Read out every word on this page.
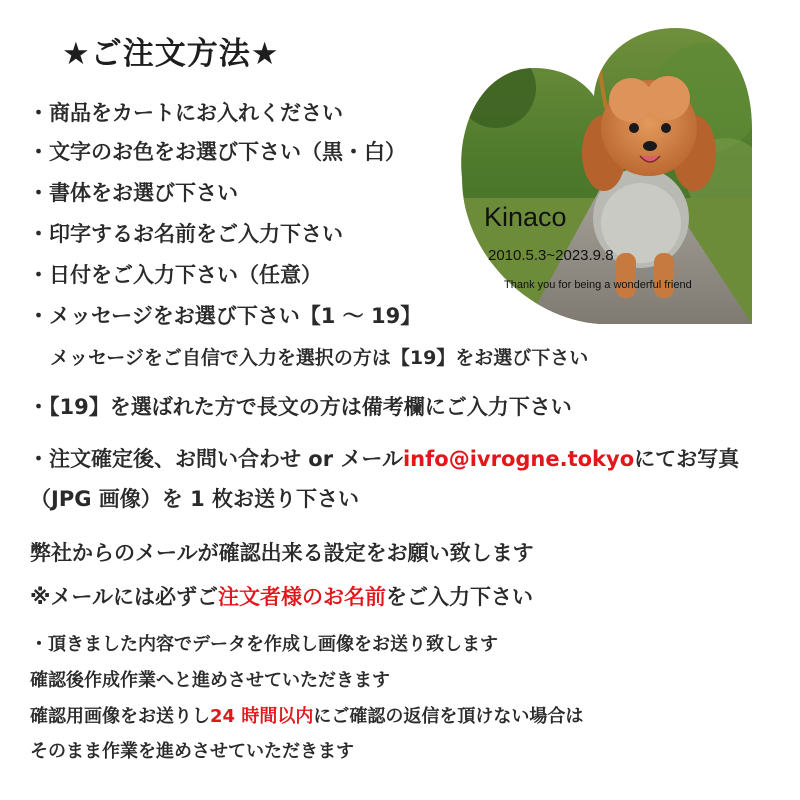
★ご注文方法★
Kinaco
2010.5.3~2023.9.8
Thank you for being a wonderful friend
・商品をカートにお入れください
・文字のお色をお選び下さい（黒・白）
・書体をお選び下さい
・印字するお名前をご入力下さい
・日付をご入力下さい（任意）
・メッセージをお選び下さい【1 ～ 19】
メッセージをご自信で入力を選択の方は【19】をお選び下さい
・【19】を選ばれた方で長文の方は備考欄にご入力下さい
・注文確定後、お問い合わせ or メールinfo@ivrogne.tokyoにてお写真
（JPG 画像）を 1 枚お送り下さい
弊社からのメールが確認出来る設定をお願い致します
※メールには必ずご注文者様のお名前をご入力下さい
・頂きました内容でデータを作成し画像をお送り致します
確認後作成作業へと進めさせていただきます
確認用画像をお送りし24 時間以内にご確認の返信を頂けない場合は
そのまま作業を進めさせていただきます
